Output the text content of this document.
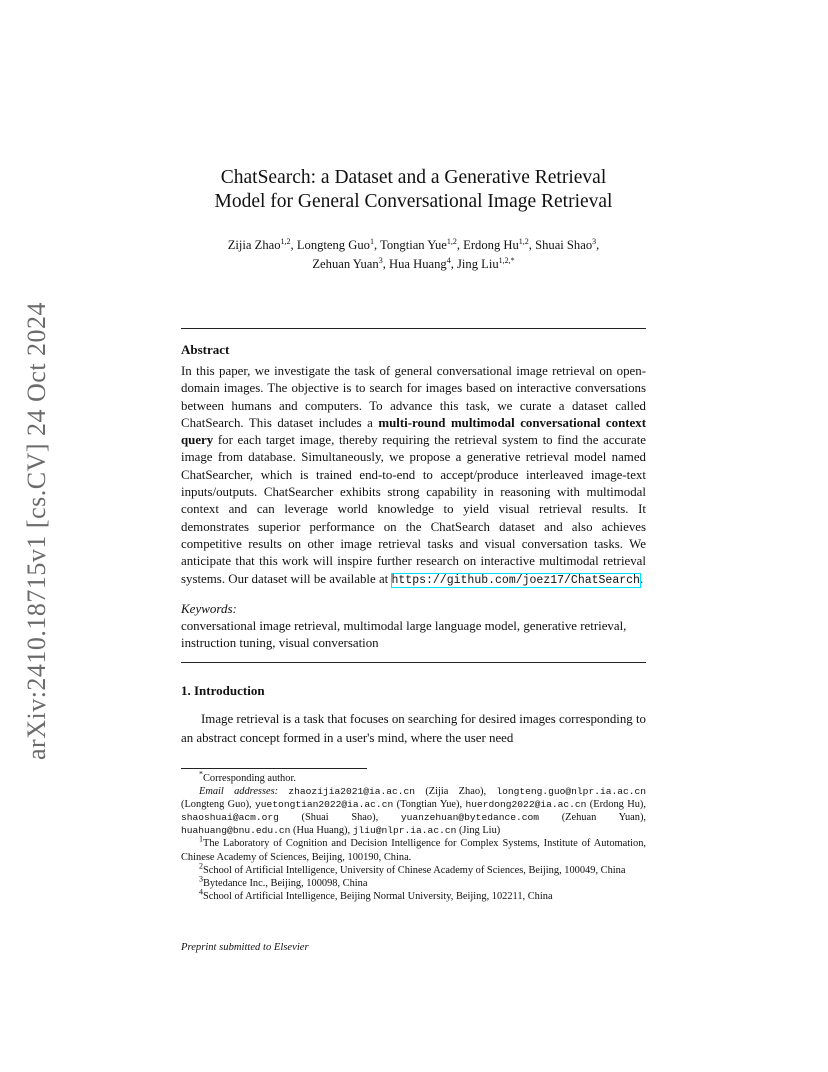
arXiv:2410.18715v1 [cs.CV] 24 Oct 2024
ChatSearch: a Dataset and a Generative Retrieval
Model for General Conversational Image Retrieval
Zijia Zhao$^{1,2}$, Longteng Guo$^1$, Tongtian Yue$^{1,2}$, Erdong Hu$^{1,2}$, Shuai Shao$^3$,
Zehuan Yuan$^3$, Hua Huang$^4$, Jing Liu$^{1,2,*}$
Abstract

In this paper, we investigate the task of general conversational image retrieval on open-domain images. The objective is to search for images based on interactive conversations between humans and computers. To advance this task, we curate a dataset called ChatSearch. This dataset includes a multi-round multimodal conversational context query for each target image, thereby requiring the retrieval system to find the accurate image from database. Simultaneously, we propose a generative retrieval model named ChatSearcher, which is trained end-to-end to accept/produce interleaved image-text inputs/outputs. ChatSearcher exhibits strong capability in reasoning with multimodal context and can leverage world knowledge to yield visual retrieval results. It demonstrates superior performance on the ChatSearch dataset and also achieves competitive results on other image retrieval tasks and visual conversation tasks. We anticipate that this work will inspire further research on interactive multimodal retrieval systems. Our dataset will be available at https://github.com/joez17/ChatSearch.

Keywords:

conversational image retrieval, multimodal large language model, generative retrieval, instruction tuning, visual conversation

1. Introduction

Image retrieval is a task that focuses on searching for desired images corresponding to an abstract concept formed in a user's mind, where the user need

*Corresponding author.

Email addresses: zhaozijia2021@ia.ac.cn (Zijia Zhao), longteng.guo@nlpr.ia.ac.cn (Longteng Guo), yuetongtian2022@ia.ac.cn (Tongtian Yue), huerdong2022@ia.ac.cn (Erdong Hu), shaoshuai@acm.org (Shuai Shao), yuanzehuan@bytedance.com (Zehuan Yuan), huahuang@bnu.edu.cn (Hua Huang), jliu@nlpr.ia.ac.cn (Jing Liu)

$^1$The Laboratory of Cognition and Decision Intelligence for Complex Systems, Institute of Automation, Chinese Academy of Sciences, Beijing, 100190, China.

$^2$School of Artificial Intelligence, University of Chinese Academy of Sciences, Beijing, 100049, China

$^3$Bytedance Inc., Beijing, 100098, China

$^4$School of Artificial Intelligence, Beijing Normal University, Beijing, 102211, China

Preprint submitted to Elsevier
